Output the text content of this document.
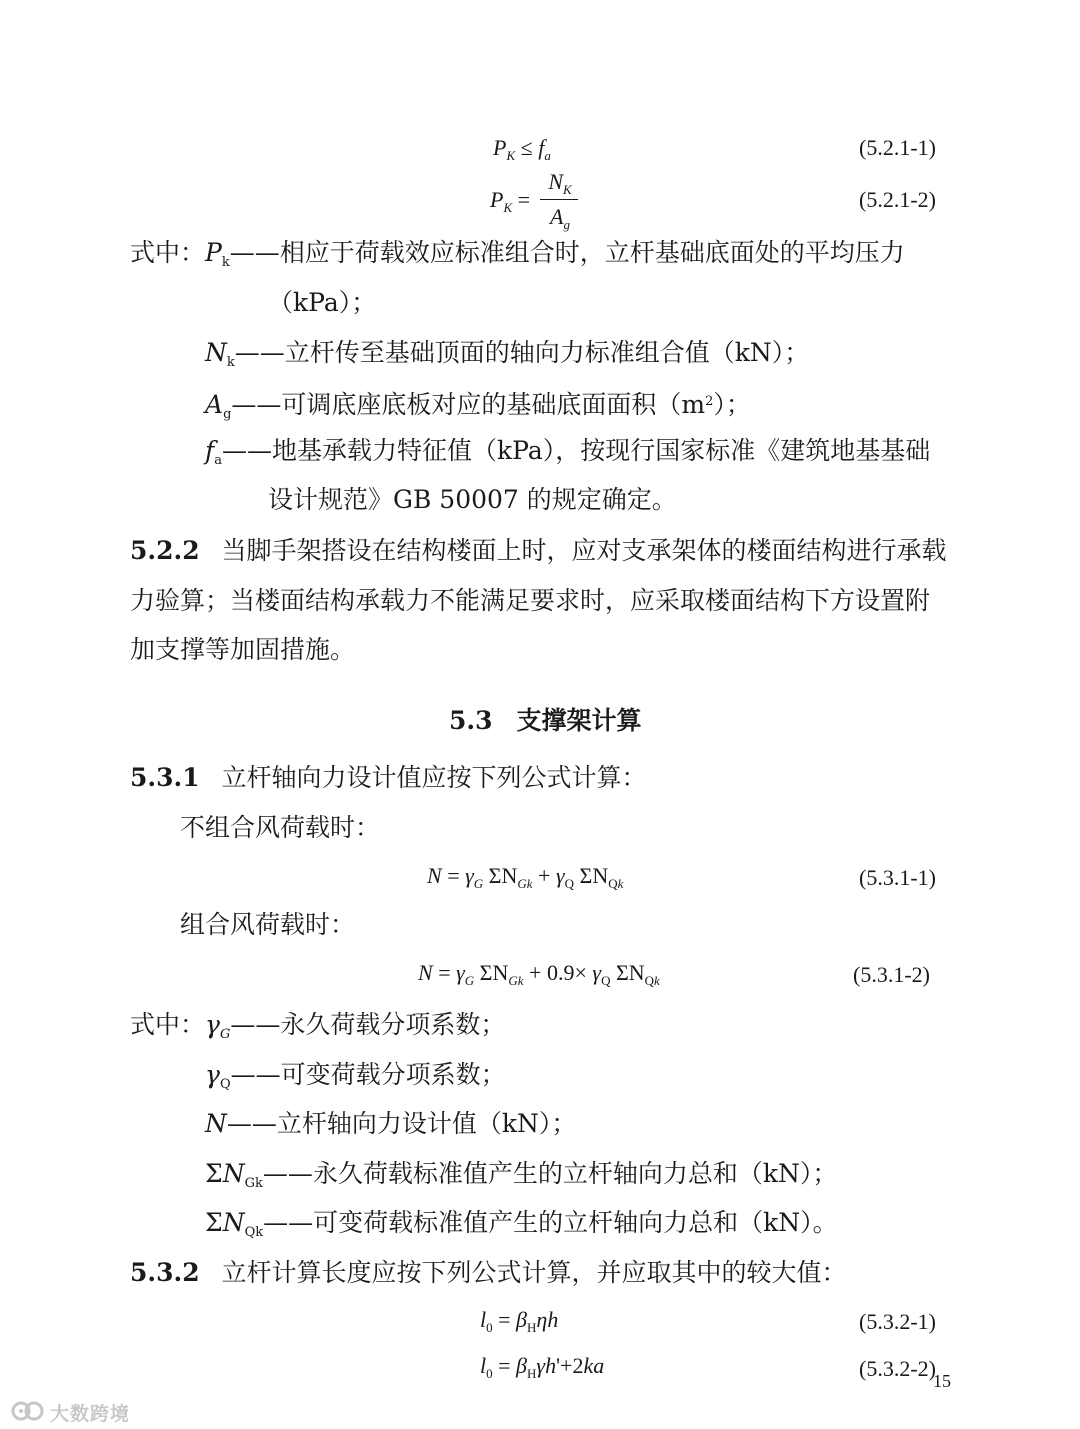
$P_K \le f_a$	(5.2.1-1)
$P_K$ =
$N_K$
$A_g$
(5.2.1-2)
式中：$P_k——$相应于荷载效应标准组合时，立杆基础底面处的平均压力
（kPa）；
$N_k——$立杆传至基础顶面的轴向力标准组合值（kN）；
$A_g——$可调底座底板对应的基础底面面积$(m^2)$；
$f_a——$地基承载力特征值（kPa），按现行国家标准《建筑地基基础
设计规范》GB 50007 的规定确定。
5.2.2 当脚手架搭设在结构楼面上时，应对支承架体的楼面结构进行承载
力验算；当楼面结构承载力不能满足要求时，应采取楼面结构下方设置附
加支撑等加固措施。
5.3 支撑架计算
5.3.1 立杆轴向力设计值应按下列公式计算：
不组合风荷载时：
$N = \gamma_G$ $\Sigma N_{Gk} + \gamma_Q$ $\Sigma N_{Qk}$	(5.3.1-1)
组合风荷载时：
$N = \gamma_G$ $\Sigma N_{Gk} + 0.9\times \gamma_Q$ $\Sigma N_{Qk}$	(5.3.1-2)
式中：$\gamma_G——$永久荷载分项系数；
$\gamma_Q——$可变荷载分项系数；
N——立杆轴向力设计值（kN）；
$\Sigma N_{Gk}——$永久荷载标准值产生的立杆轴向力总和（kN）；
$\Sigma N_{Qk}——$可变荷载标准值产生的立杆轴向力总和（kN）。
5.3.2 立杆计算长度应按下列公式计算，并应取其中的较大值：
$l_0 = \beta_H\eta h$	(5.3.2-1)
$l_0 = \beta_H\gamma h'+2ka$	(5.3.2-2)
大数跨境
15
